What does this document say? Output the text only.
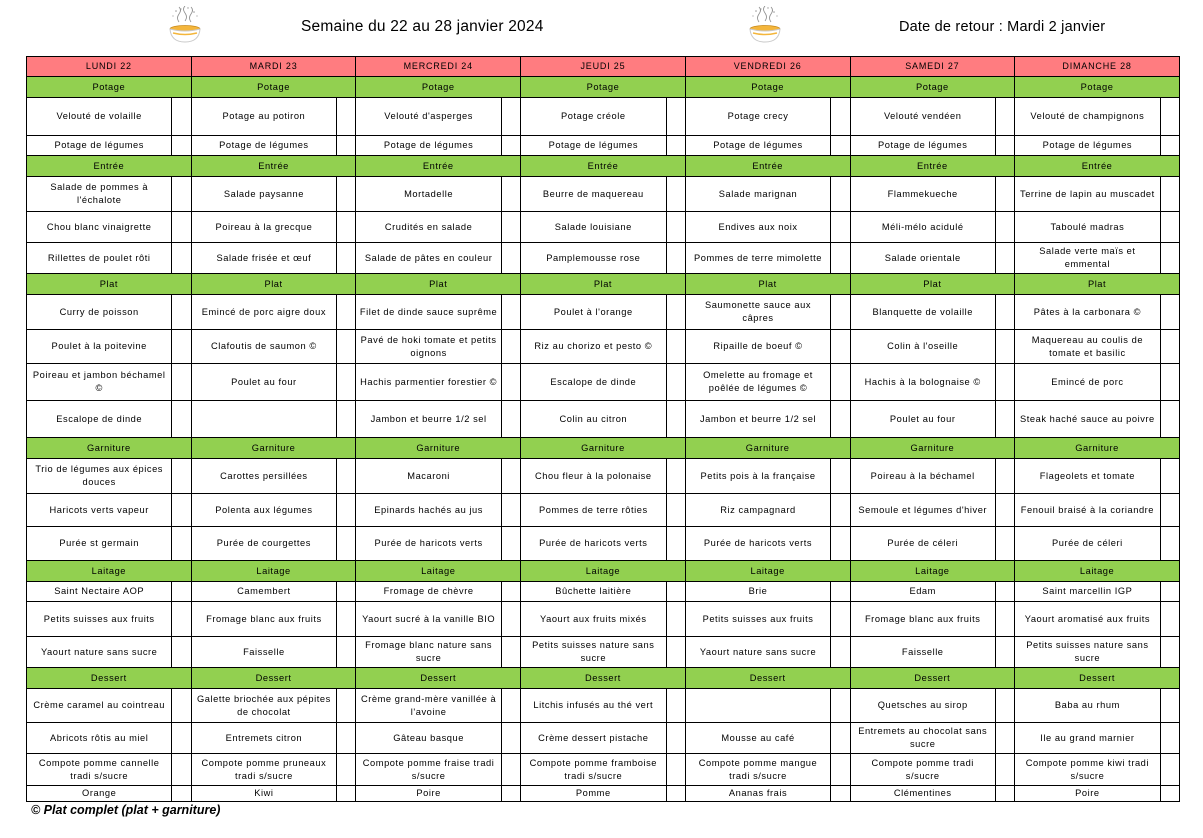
Semaine du 22 au 28 janvier 2024	Date de retour : Mardi 2 janvier
LUNDI 22		MARDI 23		MERCREDI 24		JEUDI 25		VENDREDI 26		SAMEDI 27		DIMANCHE 28	
Potage		Potage		Potage		Potage		Potage		Potage		Potage	
Velouté de volaille		Potage au potiron		Velouté d'asperges		Potage créole		Potage crecy		Velouté vendéen		Velouté de champignons	
Potage de légumes		Potage de légumes		Potage de légumes		Potage de légumes		Potage de légumes		Potage de légumes		Potage de légumes	
Entrée		Entrée		Entrée		Entrée		Entrée		Entrée		Entrée	
Salade de pommes à l'échalote		Salade paysanne		Mortadelle		Beurre de maquereau		Salade marignan		Flammekueche		Terrine de lapin au muscadet	
Chou blanc vinaigrette		Poireau à la grecque		Crudités en salade		Salade louisiane		Endives aux noix		Méli-mélo acidulé		Taboulé madras	
Rillettes de poulet rôti		Salade frisée et œuf		Salade de pâtes en couleur		Pamplemousse rose		Pommes de terre mimolette		Salade orientale		Salade verte maïs et emmental	
Plat		Plat		Plat		Plat		Plat		Plat		Plat	
Curry de poisson		Emincé de porc aigre doux		Filet de dinde sauce suprême		Poulet à l'orange		Saumonette sauce aux câpres		Blanquette de volaille		Pâtes à la carbonara ©	
Poulet à la poitevine		Clafoutis de saumon ©		Pavé de hoki tomate et petits oignons		Riz au chorizo et pesto ©		Ripaille de boeuf ©		Colin à l'oseille		Maquereau au coulis de tomate et basilic	
Poireau et jambon béchamel ©		Poulet au four		Hachis parmentier forestier ©		Escalope de dinde		Omelette au fromage et poêlée de légumes ©		Hachis à la bolognaise ©		Emincé de porc	
Escalope de dinde				Jambon et beurre 1/2 sel		Colin au citron		Jambon et beurre 1/2 sel		Poulet au four		Steak haché sauce au poivre	
Garniture		Garniture		Garniture		Garniture		Garniture		Garniture		Garniture	
Trio de légumes aux épices douces		Carottes persillées		Macaroni		Chou fleur à la polonaise		Petits pois à la française		Poireau à la béchamel		Flageolets et tomate	
Haricots verts vapeur		Polenta aux légumes		Epinards hachés au jus		Pommes de terre rôties		Riz campagnard		Semoule et légumes d'hiver		Fenouil braisé à la coriandre	
Purée st germain		Purée de courgettes		Purée de haricots verts		Purée de haricots verts		Purée de haricots verts		Purée de céleri		Purée de céleri	
Laitage		Laitage		Laitage		Laitage		Laitage		Laitage		Laitage	
Saint Nectaire AOP		Camembert		Fromage de chèvre		Bûchette laitière		Brie		Edam		Saint marcellin IGP	
Petits suisses aux fruits		Fromage blanc aux fruits		Yaourt sucré à la vanille BIO		Yaourt aux fruits mixés		Petits suisses aux fruits		Fromage blanc aux fruits		Yaourt aromatisé aux fruits	
Yaourt nature sans sucre		Faisselle		Fromage blanc nature sans sucre		Petits suisses nature sans sucre		Yaourt nature sans sucre		Faisselle		Petits suisses nature sans sucre	
Dessert		Dessert		Dessert		Dessert		Dessert		Dessert		Dessert	
Crème caramel au cointreau		Galette briochée aux pépites de chocolat		Crème grand-mère vanillée à l'avoine		Litchis infusés au thé vert				Quetsches au sirop		Baba au rhum	
Abricots rôtis au miel		Entremets citron		Gâteau basque		Crème dessert pistache		Mousse au café		Entremets au chocolat sans sucre		Ile au grand marnier	
Compote pomme cannelle tradi s/sucre		Compote pomme pruneaux tradi s/sucre		Compote pomme fraise tradi s/sucre		Compote pomme framboise tradi s/sucre		Compote pomme mangue tradi s/sucre		Compote pomme tradi s/sucre		Compote pomme kiwi tradi s/sucre	
Orange		Kiwi		Poire		Pomme		Ananas frais		Clémentines		Poire	
© Plat complet (plat + garniture)
